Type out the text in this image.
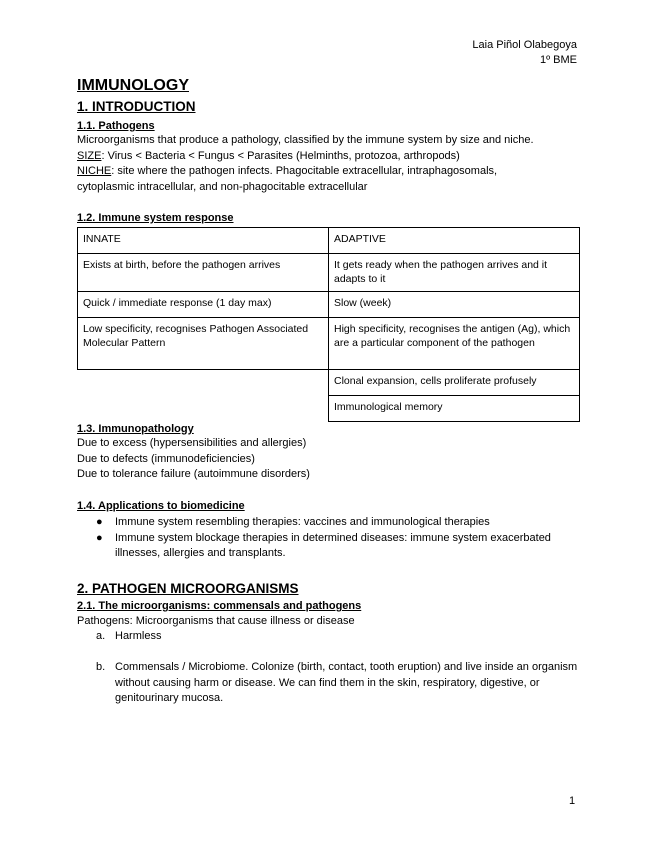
Laia Piñol Olabegoya
1º BME
IMMUNOLOGY
1. INTRODUCTION
1.1. Pathogens

Microorganisms that produce a pathology, classified by the immune system by size and niche.

SIZE: Virus < Bacteria < Fungus < Parasites (Helminths, protozoa, arthropods)

NICHE: site where the pathogen infects. Phagocitable extracellular, intraphagosomals, cytoplasmic intracellular, and non-phagocitable extracellular

1.2. Immune system response
INNATE	ADAPTIVE
Exists at birth, before the pathogen arrives	It gets ready when the pathogen arrives and it adapts to it
Quick / immediate response (1 day max)	Slow (week)
Low specificity, recognises Pathogen Associated Molecular Pattern	High specificity, recognises the antigen (Ag), which are a particular component of the pathogen
	Clonal expansion, cells proliferate profusely
	Immunological memory
1.3. Immunopathology

Due to excess (hypersensibilities and allergies)

Due to defects (immunodeficiencies)

Due to tolerance failure (autoimmune disorders)

1.4. Applications to biomedicine
● Immune system resembling therapies: vaccines and immunological therapies
● Immune system blockage therapies in determined diseases: immune system exacerbated illnesses, allergies and transplants.
2. PATHOGEN MICROORGANISMS
2.1. The microorganisms: commensals and pathogens

Pathogens: Microorganisms that cause illness or disease

a. Harmless
b. Commensals / Microbiome. Colonize (birth, contact, tooth eruption) and live inside an organism without causing harm or disease. We can find them in the skin, respiratory, digestive, or genitourinary mucosa.
1
